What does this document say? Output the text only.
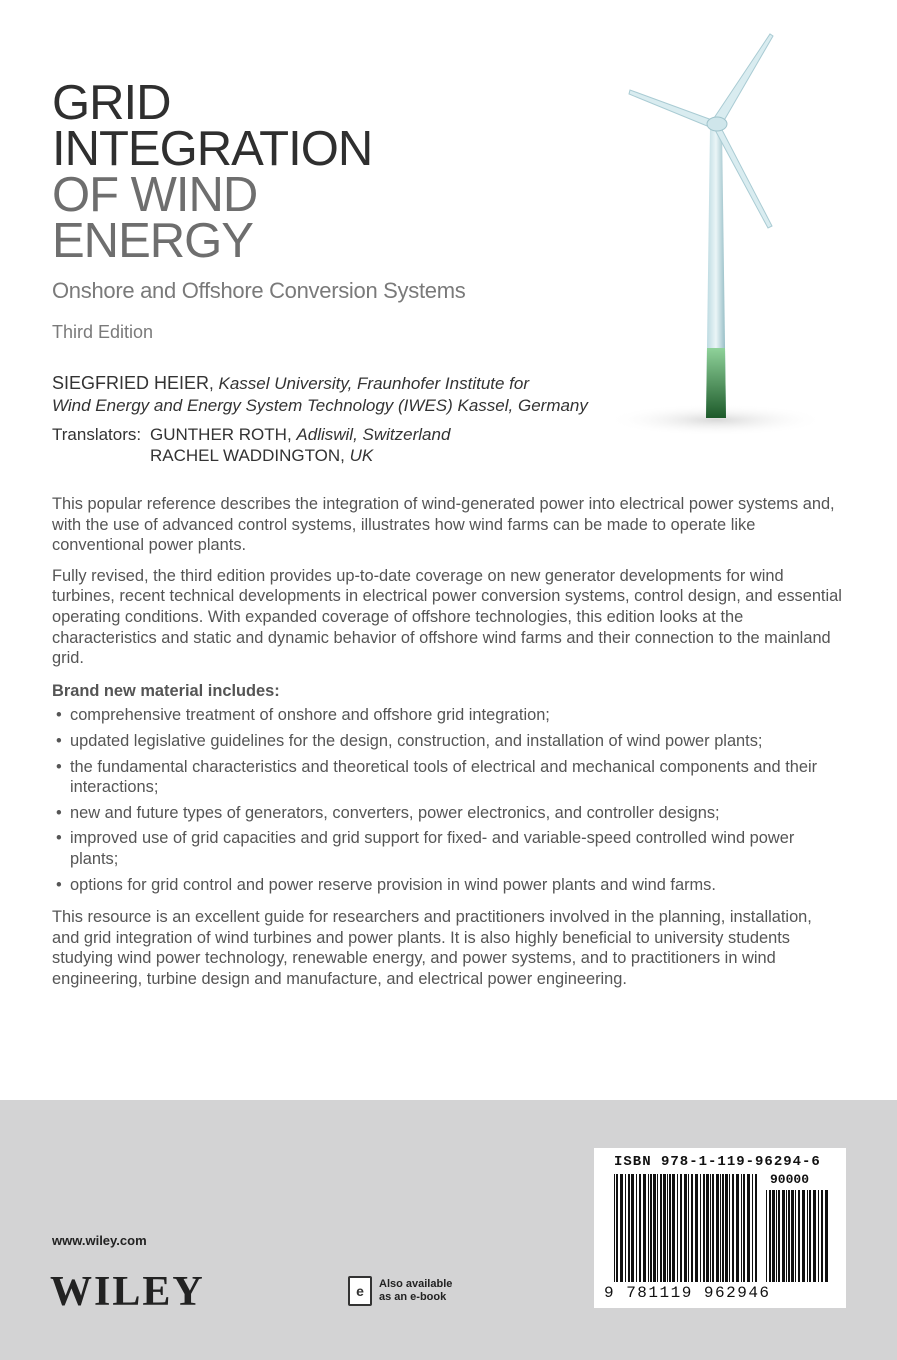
GRID
INTEGRATION
OF WIND
ENERGY
Onshore and Offshore Conversion Systems
Third Edition
SIEGFRIED HEIER, Kassel University, Fraunhofer Institute for
Wind Energy and Energy System Technology (IWES) Kassel, Germany
Translators: GUNTHER ROTH, Adliswil, Switzerland
RACHEL WADDINGTON, UK

This popular reference describes the integration of wind-generated power into electrical power systems and, with the use of advanced control systems, illustrates how wind farms can be made to operate like conventional power plants.

Fully revised, the third edition provides up-to-date coverage on new generator developments for wind turbines, recent technical developments in electrical power conversion systems, control design, and essential operating conditions. With expanded coverage of offshore technologies, this edition looks at the characteristics and static and dynamic behavior of offshore wind farms and their connection to the mainland grid.

Brand new material includes:
• comprehensive treatment of onshore and offshore grid integration;
• updated legislative guidelines for the design, construction, and installation of wind power plants;
• the fundamental characteristics and theoretical tools of electrical and mechanical components and their interactions;
• new and future types of generators, converters, power electronics, and controller designs;
• improved use of grid capacities and grid support for fixed- and variable-speed controlled wind power plants;
• options for grid control and power reserve provision in wind power plants and wind farms.

This resource is an excellent guide for researchers and practitioners involved in the planning, installation, and grid integration of wind turbines and power plants. It is also highly beneficial to university students studying wind power technology, renewable energy, and power systems, and to practitioners in wind engineering, turbine design and manufacture, and electrical power engineering.

www.wiley.com
WILEY	e	Also available
as an e-book
ISBN 978-1-119-96294-6
90000
9 781119 962946
